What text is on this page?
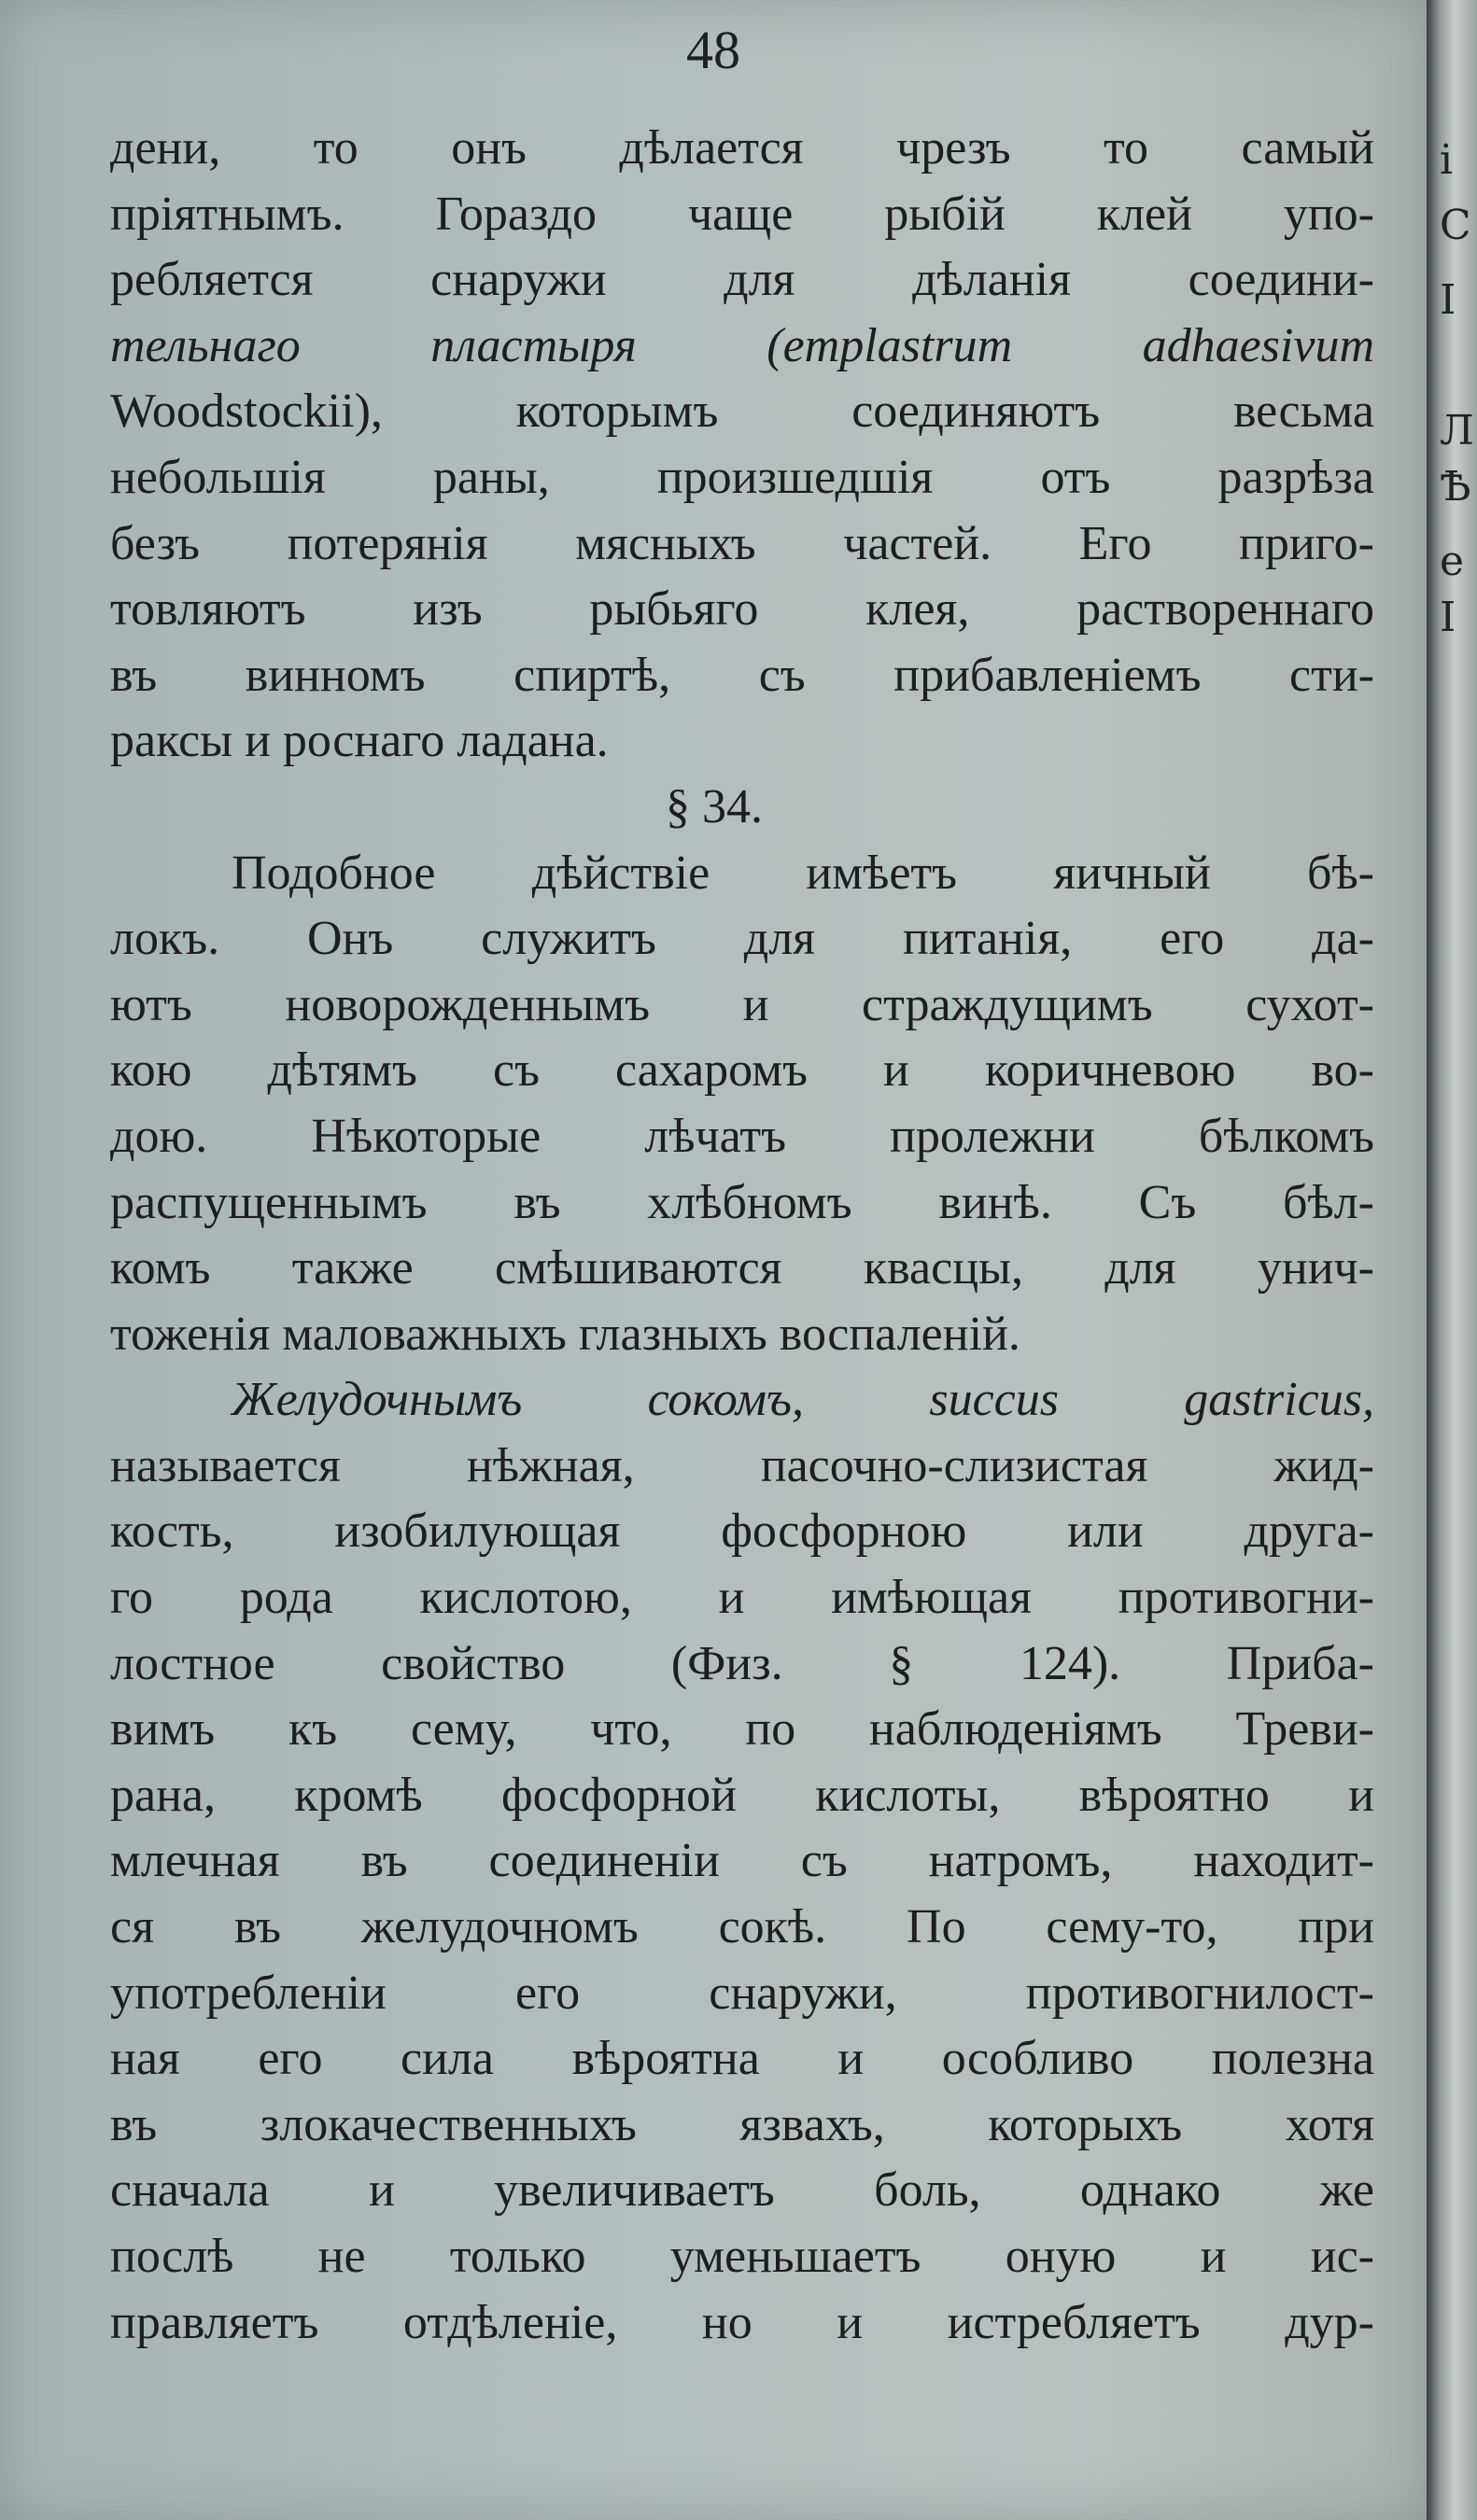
48
дени, то онъ дѣлается чрезъ то самый
пріятнымъ. Гораздо чаще рыбій клей упо-
ребляется снаружи для дѣланія соедини-
тельнаго пластыря (emplastrum adhaesivum
Woodstockii), которымъ соединяютъ весьма
небольшія раны, произшедшія отъ разрѣза
безъ потерянія мясныхъ частей. Его приго-
товляютъ изъ рыбьяго клея, раствореннаго
въ винномъ спиртѣ, съ прибавленіемъ сти-
раксы и роснаго ладана.
§ 34.
Подобное дѣйствіе имѣетъ яичный бѣ-
локъ. Онъ служитъ для питанія, его да-
ютъ новорожденнымъ и страждущимъ сухот-
кою дѣтямъ съ сахаромъ и коричневою во-
дою. Нѣкоторые лѣчатъ пролежни бѣлкомъ
распущеннымъ въ хлѣбномъ винѣ. Съ бѣл-
комъ также смѣшиваются квасцы, для унич-
тоженія маловажныхъ глазныхъ воспаленій.
Желудочнымъ сокомъ,	succus gastricus,
называется нѣжная, пасочно-слизистая жид-
кость, изобилующая фосфорною или друга-
го рода кислотою, и имѣющая противогни-
лостное свойство (Физ. § 124). Приба-
вимъ къ сему, что, по наблюденіямъ Треви-
рана, кромѣ фосфорной кислоты, вѣроятно и
млечная въ соединеніи съ натромъ, находит-
ся въ желудочномъ сокѣ. По сему-то, при
употребленіи его снаружи, противогнилост-
ная его сила вѣроятна и особливо полезна
въ злокачественныхъ язвахъ, которыхъ хотя
сначала и увеличиваетъ боль, однако же
послѣ не только уменьшаетъ оную и ис-
правляетъ отдѣленіе, но и истребляетъ дур-
і
С
І
Л
Ѣ
е
І
